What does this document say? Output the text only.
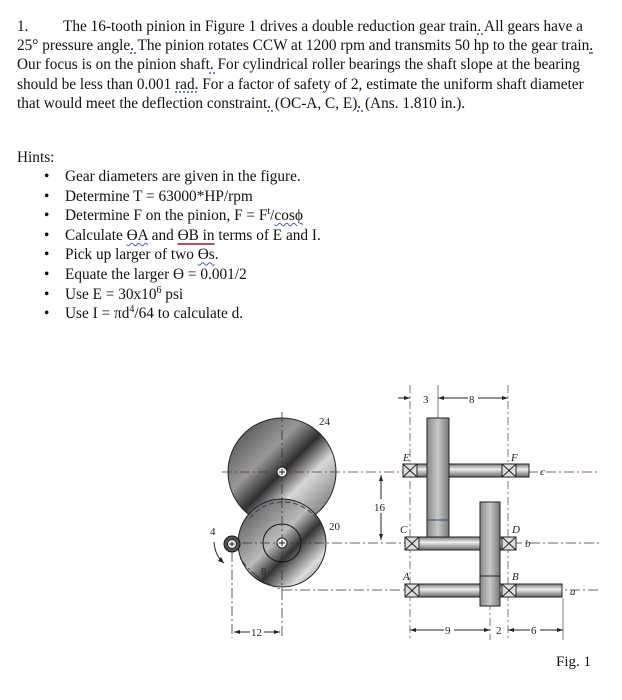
1. The 16-tooth pinion in Figure 1 drives a double reduction gear train. All gears have a 25° pressure angle. The pinion rotates CCW at 1200 rpm and transmits 50 hp to the gear train. Our focus is on the pinion shaft. For cylindrical roller bearings the shaft slope at the bearing should be less than 0.001 rad. For a factor of safety of 2, estimate the uniform shaft diameter that would meet the deflection constraint. (OC-A, C, E). (Ans. 1.810 in.).
Hints:
• Gear diameters are given in the figure.
• Determine T = 63000*HP/rpm
• Determine F on the pinion, $F = F^t$/cosϕ
• Calculate ϴA and ϴB in terms of E and I.
• Pick up larger of two ϴs.
• Equate the larger ϴ = 0.001/2
• Use $E = 30x10^6$ psi
• Use $I = \pi d^4/64$ to calculate d.
24
20
8
4
12
16
3	8
E	F
c
C	D
b
A	B
a
9	2	6
Fig. 1
